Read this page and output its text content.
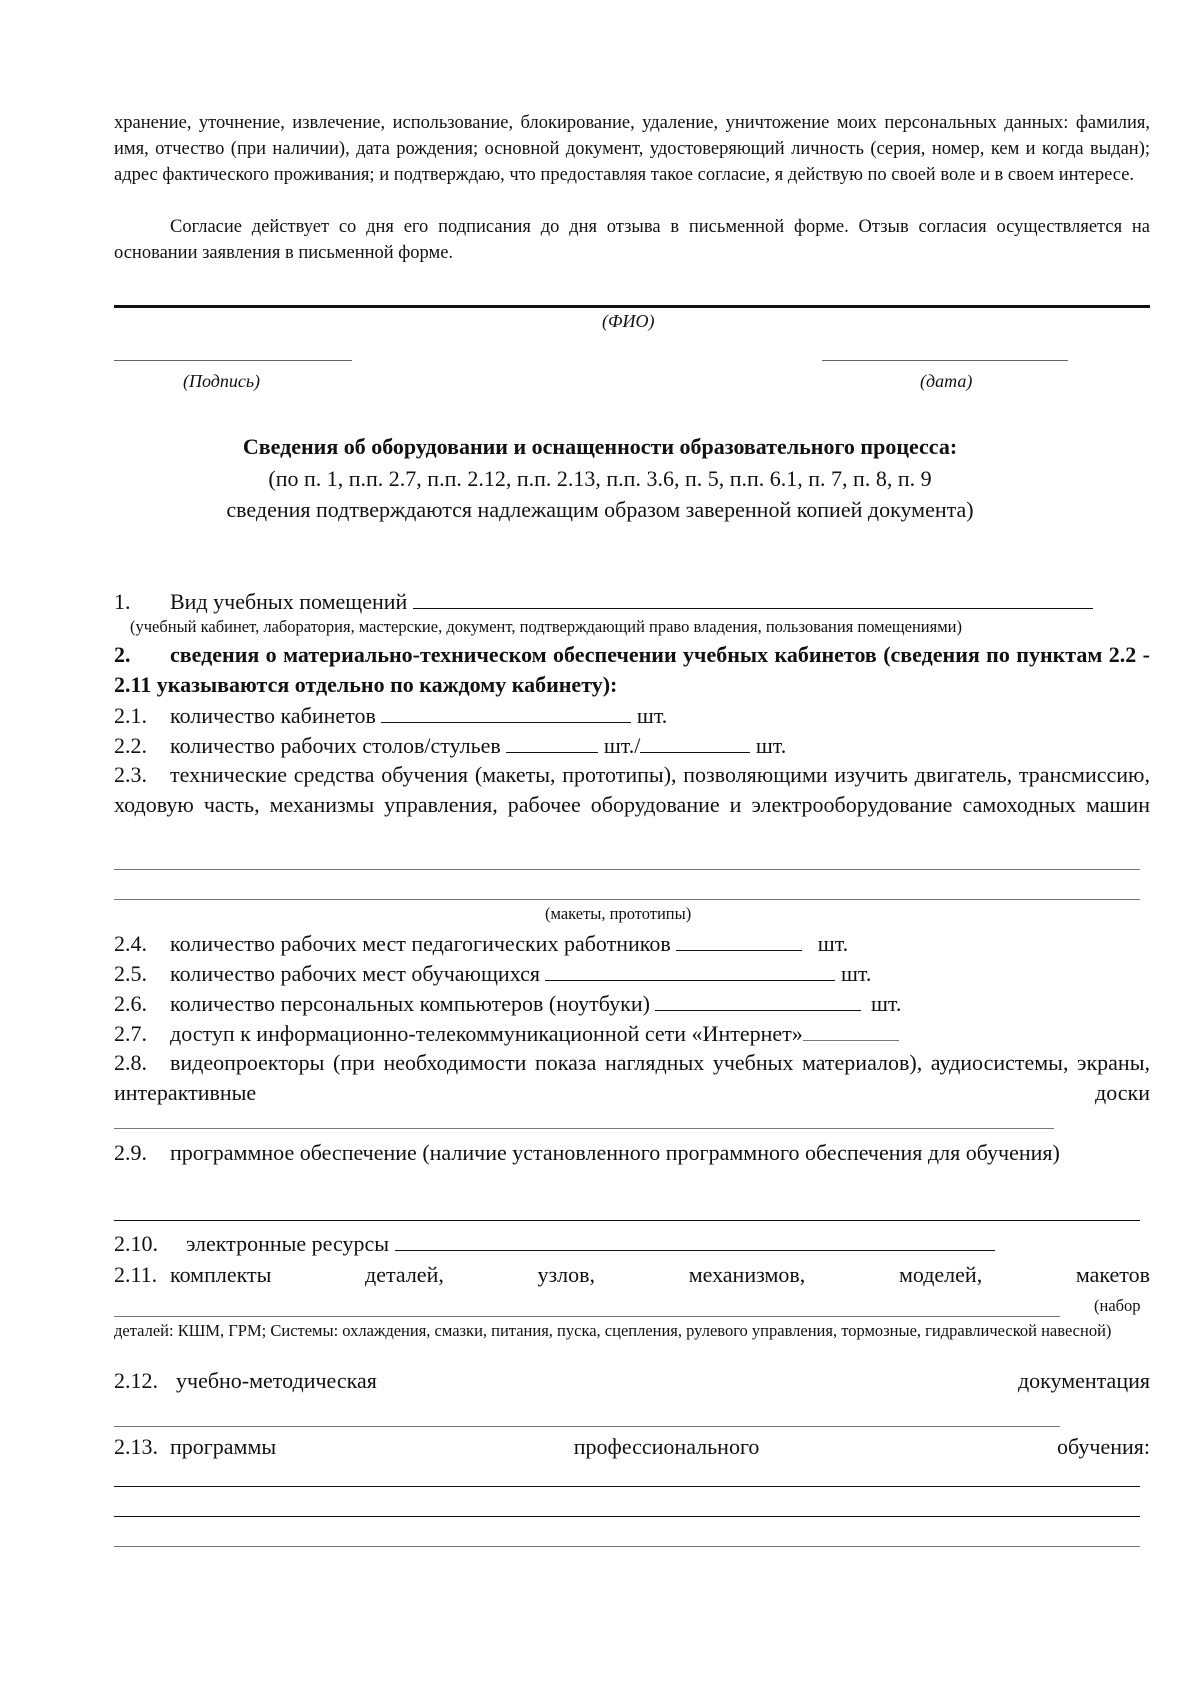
хранение, уточнение, извлечение, использование, блокирование, удаление, уничтожение моих персональных данных: фамилия, имя, отчество (при наличии), дата рождения; основной документ, удостоверяющий личность (серия, номер, кем и когда выдан); адрес фактического проживания; и подтверждаю, что предоставляя такое согласие, я действую по своей воле и в своем интересе.
Согласие действует со дня его подписания до дня отзыва в письменной форме. Отзыв согласия осуществляется на основании заявления в письменной форме.
(ФИО)
(Подпись)	(дата)
Сведения об оборудовании и оснащенности образовательного процесса:
(по п. 1, п.п. 2.7, п.п. 2.12, п.п. 2.13, п.п. 3.6, п. 5, п.п. 6.1, п. 7, п. 8, п. 9
сведения подтверждаются надлежащим образом заверенной копией документа)
1. Вид учебных помещений
(учебный кабинет, лаборатория, мастерские, документ, подтверждающий право владения, пользования помещениями)
2. сведения о материально-техническом обеспечении учебных кабинетов (сведения по пунктам 2.2 - 2.11 указываются отдельно по каждому кабинету):
2.1. количество кабинетов	шт.
2.2. количество рабочих столов/стульев	шт./	шт.
2.3. технические средства обучения (макеты, прототипы), позволяющими изучить двигатель, трансмиссию, ходовую часть, механизмы управления, рабочее оборудование и электрооборудование самоходных машин
(макеты, прототипы)
2.4. количество рабочих мест педагогических работников	шт.
2.5. количество рабочих мест обучающихся	шт.
2.6. количество персональных компьютеров (ноутбуки)	шт.
2.7. доступ к информационно-телекоммуникационной сети «Интернет»
2.8. видеопроекторы (при необходимости показа наглядных учебных материалов), аудиосистемы, экраны, интерактивные доски
2.9. программное обеспечение (наличие установленного программного обеспечения для обучения)
2.10. электронные ресурсы
2.11. комплекты деталей, узлов, механизмов, моделей, макетов
(набор
деталей: КШМ, ГРМ; Системы: охлаждения, смазки, питания, пуска, сцепления, рулевого управления, тормозные, гидравлической навесной)
2.12. учебно-методическая	документация
2.13. программы профессионального обучения:
